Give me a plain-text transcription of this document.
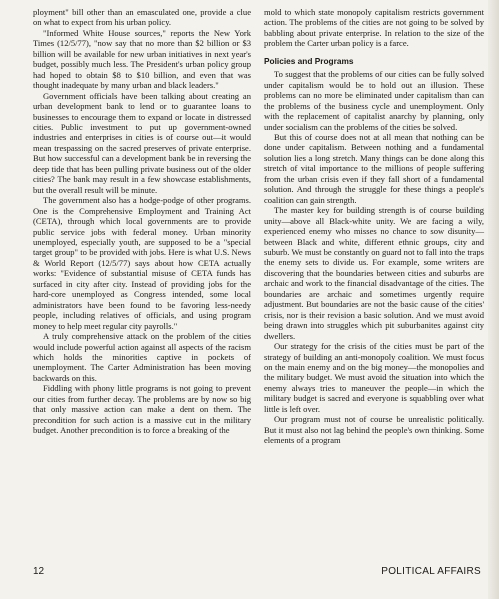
ployment" bill other than an emasculated one, provide a clue on what to expect from his urban policy.

"Informed White House sources," reports the New York Times (12/5/77), "now say that no more than $2 billion or $3 billion will be available for new urban initiatives in next year's budget, possibly much less. The President's urban policy group had hoped to obtain $8 to $10 billion, and even that was thought inadequate by many urban and black leaders."

Government officials have been talking about creating an urban development bank to lend or to guarantee loans to businesses to encourage them to expand or locate in distressed cities. Public investment to put up government-owned industries and enterprises in cities is of course out—it would mean trespassing on the sacred preserves of private enterprise. But how successful can a development bank be in reversing the deep tide that has been pulling private business out of the older cities? The bank may result in a few showcase establishments, but the overall result will be minute.

The government also has a hodge-podge of other programs. One is the Comprehensive Employment and Training Act (CETA), through which local governments are to provide public service jobs with federal money. Urban minority unemployed, especially youth, are supposed to be a "special target group" to be provided with jobs. Here is what U.S. News & World Report (12/5/77) says about how CETA actually works: "Evidence of substantial misuse of CETA funds has surfaced in city after city. Instead of providing jobs for the hard-core unemployed as Congress intended, some local administrators have been found to be favoring less-needy people, including relatives of officials, and using program money to help meet regular city payrolls."

A truly comprehensive attack on the problem of the cities would include powerful action against all aspects of the racism which holds the minorities captive in pockets of unemployment. The Carter Administration has been moving backwards on this.

Fiddling with phony little programs is not going to prevent our cities from further decay. The problems are by now so big that only massive action can make a dent on them. The precondition for such action is a massive cut in the military budget. Another precondition is to force a breaking of the

mold to which state monopoly capitalism restricts government action. The problems of the cities are not going to be solved by babbling about private enterprise. In relation to the size of the problem the Carter urban policy is a farce.

Policies and Programs

To suggest that the problems of our cities can be fully solved under capitalism would be to hold out an illusion. These problems can no more be eliminated under capitalism than can the problems of the business cycle and unemployment. Only with the replacement of capitalist anarchy by planning, only under socialism can the problems of the cities be solved.

But this of course does not at all mean that nothing can be done under capitalism. Between nothing and a fundamental solution lies a long stretch. Many things can be done along this stretch of vital importance to the millions of people suffering from the urban crisis even if they fall short of a fundamental solution. And through the struggle for these things a people's coalition can gain strength.

The master key for building strength is of course building unity—above all Black-white unity. We are facing a wily, experienced enemy who misses no chance to sow disunity—between Black and white, different ethnic groups, city and suburb. We must be constantly on guard not to fall into the traps the enemy sets to divide us. For example, some writers are discovering that the boundaries between cities and suburbs are archaic and work to the financial disadvantage of the cities. The boundaries are archaic and sometimes urgently require adjustment. But boundaries are not the basic cause of the cities' crisis, nor is their revision a basic solution. And we must avoid being drawn into struggles which pit suburbanites against city dwellers.

Our strategy for the crisis of the cities must be part of the strategy of building an anti-monopoly coalition. We must focus on the main enemy and on the big money—the monopolies and the military budget. We must avoid the situation into which the enemy always tries to maneuver the people—in which the military budget is sacred and everyone is squabbling over what little is left over.

Our program must not of course be unrealistic politically. But it must also not lag behind the people's own thinking. Some elements of a program

12	POLITICAL AFFAIRS
